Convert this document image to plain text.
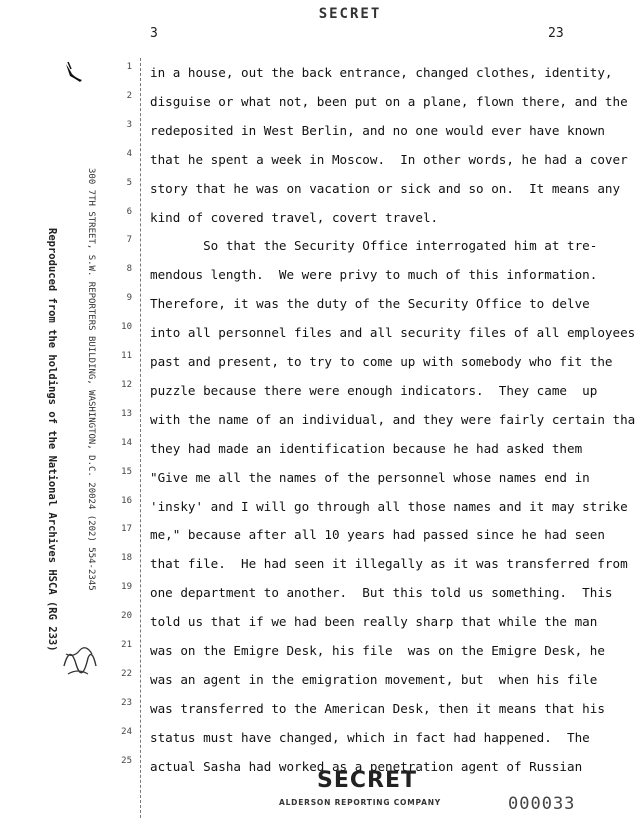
SECRET
3	23
300 7TH STREET, S.W. REPORTERS BUILDING, WASHINGTON, D.C. 20024 (202) 554-2345
Reproduced from the holdings of the National Archives HSCA (RG 233)
1
2
3
4
5
6
7
8
9
10
11
12
13
14
15
16
17
18
19
20
21
22
23
24
25
in a house, out the back entrance, changed clothes, identity,
disguise or what not, been put on a plane, flown there, and the
redeposited in West Berlin, and no one would ever have known
that he spent a week in Moscow.  In other words, he had a cover
story that he was on vacation or sick and so on.  It means any
kind of covered travel, covert travel.
So that the Security Office interrogated him at tre-
mendous length.  We were privy to much of this information.
Therefore, it was the duty of the Security Office to delve
into all personnel files and all security files of all employees
past and present, to try to come up with somebody who fit the
puzzle because there were enough indicators.  They came  up
with the name of an individual, and they were fairly certain tha
they had made an identification because he had asked them
"Give me all the names of the personnel whose names end in
'insky' and I will go through all those names and it may strike
me," because after all 10 years had passed since he had seen
that file.  He had seen it illegally as it was transferred from
one department to another.  But this told us something.  This
told us that if we had been really sharp that while the man
was on the Emigre Desk, his file  was on the Emigre Desk, he
was an agent in the emigration movement, but  when his file
was transferred to the American Desk, then it means that his
status must have changed, which in fact had happened.  The
actual Sasha had worked as a penetration agent of Russian
SECRET
ALDERSON REPORTING COMPANY	000033
